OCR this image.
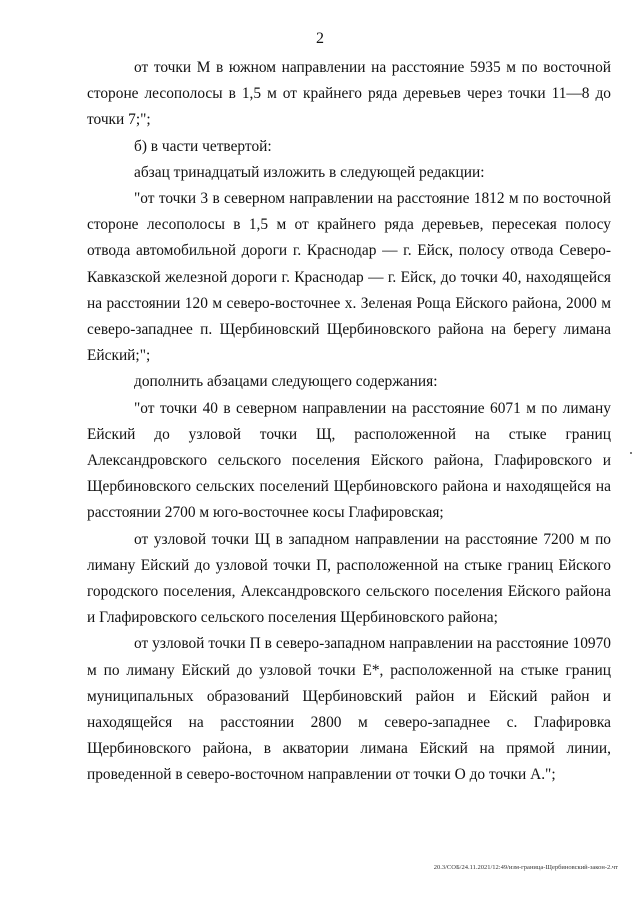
2

от точки М в южном направлении на расстояние 5935 м по восточной стороне лесополосы в 1,5 м от крайнего ряда деревьев через точки 11—8 до точки 7;";

б) в части четвертой:

абзац тринадцатый изложить в следующей редакции:

"от точки 3 в северном направлении на расстояние 1812 м по восточной стороне лесополосы в 1,5 м от крайнего ряда деревьев, пересекая полосу отвода автомобильной дороги г. Краснодар — г. Ейск, полосу отвода Северо-Кавказской железной дороги г. Краснодар — г. Ейск, до точки 40, находящейся на расстоянии 120 м северо-восточнее х. Зеленая Роща Ейского района, 2000 м северо-западнее п. Щербиновский Щербиновского района на берегу лимана Ейский;";

дополнить абзацами следующего содержания:

"от точки 40 в северном направлении на расстояние 6071 м по лиману Ейский до узловой точки Щ, расположенной на стыке границ Александровского сельского поселения Ейского района, Глафировского и Щербиновского сельских поселений Щербиновского района и находящейся на расстоянии 2700 м юго-восточнее косы Глафировская;

от узловой точки Щ в западном направлении на расстояние 7200 м по лиману Ейский до узловой точки П, расположенной на стыке границ Ейского городского поселения, Александровского сельского поселения Ейского района и Глафировского сельского поселения Щербиновского района;

от узловой точки П в северо-западном направлении на расстояние 10970 м по лиману Ейский до узловой точки Е*, расположенной на стыке границ муниципальных образований Щербиновский район и Ейский район и находящейся на расстоянии 2800 м северо-западнее с. Глафировка Щербиновского района, в акватории лимана Ейский на прямой линии, проведенной в северо-восточном направлении от точки О до точки А.";

20.3/СОБ/24.11.2021/12:49/изм-граница-Щербиновский-закон-2.чт
